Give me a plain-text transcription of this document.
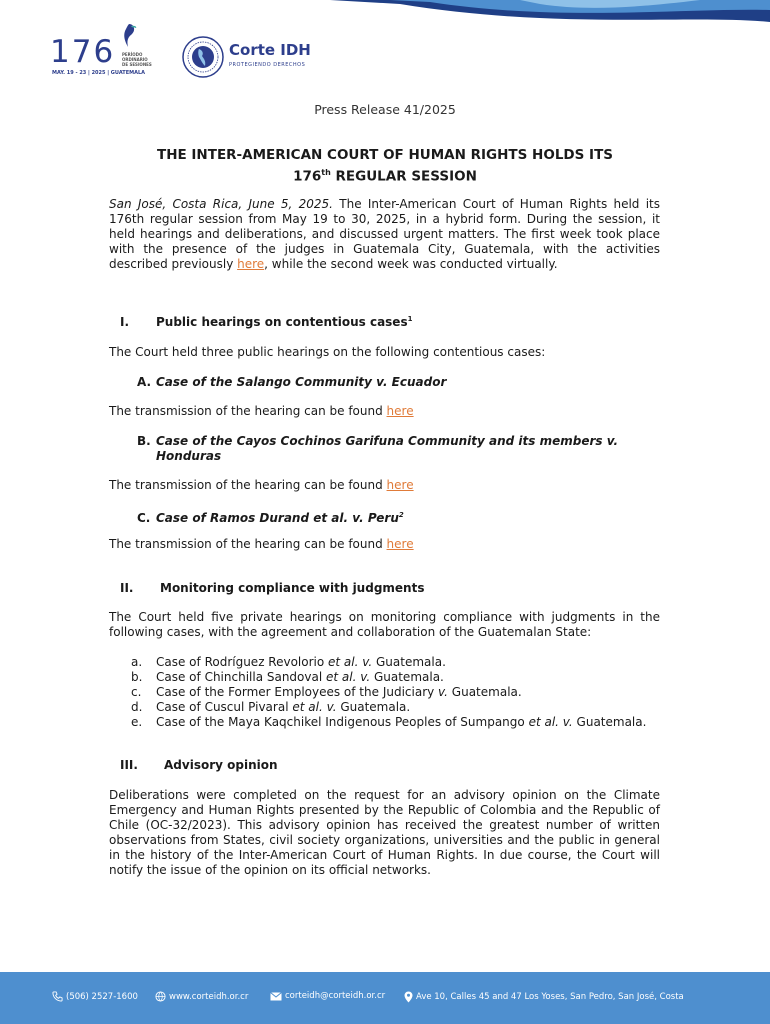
176 PERÍODO
ORDINARIO
DE SESIONES
MAY. 19 - 23 | 2025 | GUATEMALA
Corte IDH
PROTEGIENDO DERECHOS
Press Release 41/2025
THE INTER-AMERICAN COURT OF HUMAN RIGHTS HOLDS ITS
176th REGULAR SESSION
San José, Costa Rica, June 5, 2025. The Inter-American Court of Human Rights held its 176th regular session from May 19 to 30, 2025, in a hybrid form. During the session, it held hearings and deliberations, and discussed urgent matters. The first week took place with the presence of the judges in Guatemala City, Guatemala, with the activities described previously here, while the second week was conducted virtually.
I. Public hearings on contentious cases$^1$
The Court held three public hearings on the following contentious cases:
A. Case of the Salango Community v. Ecuador
The transmission of the hearing can be found here
B. Case of the Cayos Cochinos Garifuna Community and its members v.
Honduras
The transmission of the hearing can be found here
C. Case of Ramos Durand et al. v. Peru$^2$
The transmission of the hearing can be found here
II. Monitoring compliance with judgments
The Court held five private hearings on monitoring compliance with judgments in the following cases, with the agreement and collaboration of the Guatemalan State:
a. Case of Rodríguez Revolorio et al. v. Guatemala.
b. Case of Chinchilla Sandoval et al. v. Guatemala.
c. Case of the Former Employees of the Judiciary v. Guatemala.
d. Case of Cuscul Pivaral et al. v. Guatemala.
e. Case of the Maya Kaqchikel Indigenous Peoples of Sumpango et al. v. Guatemala.
III. Advisory opinion
Deliberations were completed on the request for an advisory opinion on the Climate Emergency and Human Rights presented by the Republic of Colombia and the Republic of Chile (OC-32/2023). This advisory opinion has received the greatest number of written observations from States, civil society organizations, universities and the public in general in the history of the Inter-American Court of Human Rights. In due course, the Court will notify the issue of the opinion on its official networks.
(506) 2527-1600	www.corteidh.or.cr	corteidh@corteidh.or.cr	Ave 10, Calles 45 and 47 Los Yoses, San Pedro, San José, Costa
